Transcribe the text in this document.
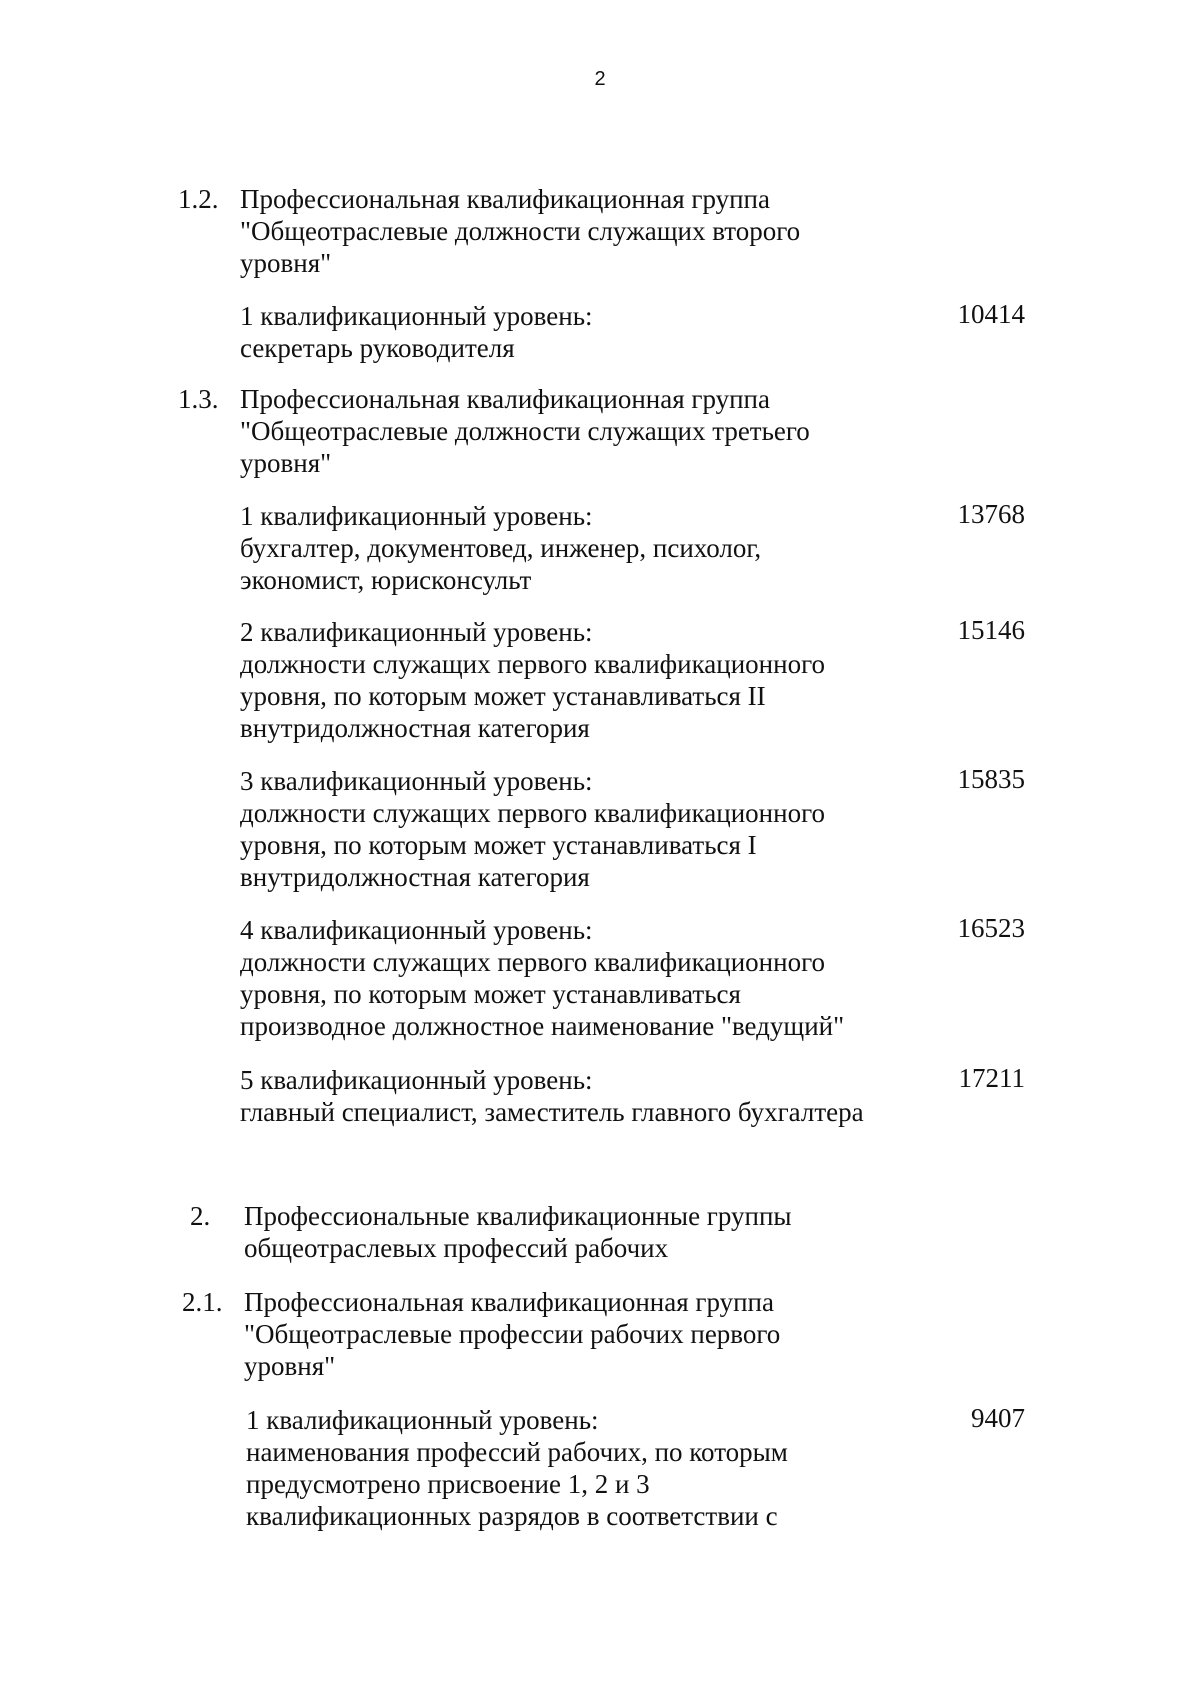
2
1.2. Профессиональная квалификационная группа
"Общеотраслевые должности служащих второго
уровня"
1 квалификационный уровень:
секретарь руководителя
10414
1.3. Профессиональная квалификационная группа
"Общеотраслевые должности служащих третьего
уровня"
1 квалификационный уровень:
бухгалтер, документовед, инженер, психолог,
экономист, юрисконсульт
13768
2 квалификационный уровень:
должности служащих первого квалификационного
уровня, по которым может устанавливаться II
внутридолжностная категория
15146
3 квалификационный уровень:
должности служащих первого квалификационного
уровня, по которым может устанавливаться I
внутридолжностная категория
15835
4 квалификационный уровень:
должности служащих первого квалификационного
уровня, по которым может устанавливаться
производное должностное наименование "ведущий"
16523
5 квалификационный уровень:
главный специалист, заместитель главного бухгалтера
17211
2. Профессиональные квалификационные группы
общеотраслевых профессий рабочих
2.1. Профессиональная квалификационная группа
"Общеотраслевые профессии рабочих первого
уровня"
1 квалификационный уровень:
наименования профессий рабочих, по которым
предусмотрено присвоение 1, 2 и 3
квалификационных разрядов в соответствии с
9407
